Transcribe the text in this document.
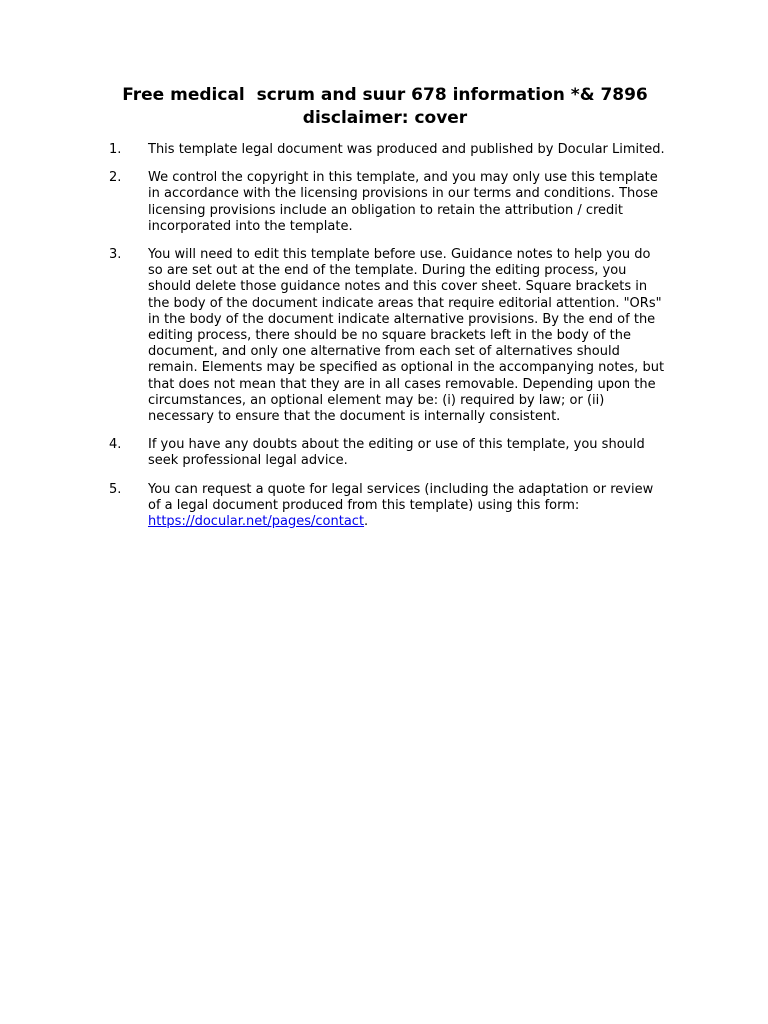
Free medical  scrum and suur 678 information *& 7896 disclaimer: cover
1.	This template legal document was produced and published by Docular Limited.
2.	We control the copyright in this template, and you may only use this template in accordance with the licensing provisions in our terms and conditions. Those licensing provisions include an obligation to retain the attribution / credit incorporated into the template.
3.	You will need to edit this template before use. Guidance notes to help you do so are set out at the end of the template. During the editing process, you should delete those guidance notes and this cover sheet. Square brackets in the body of the document indicate areas that require editorial attention. "ORs" in the body of the document indicate alternative provisions. By the end of the editing process, there should be no square brackets left in the body of the document, and only one alternative from each set of alternatives should remain. Elements may be specified as optional in the accompanying notes, but that does not mean that they are in all cases removable. Depending upon the circumstances, an optional element may be: (i) required by law; or (ii) necessary to ensure that the document is internally consistent.
4.	If you have any doubts about the editing or use of this template, you should seek professional legal advice.
5.	You can request a quote for legal services (including the adaptation or review of a legal document produced from this template) using this form: https://docular.net/pages/contact.
